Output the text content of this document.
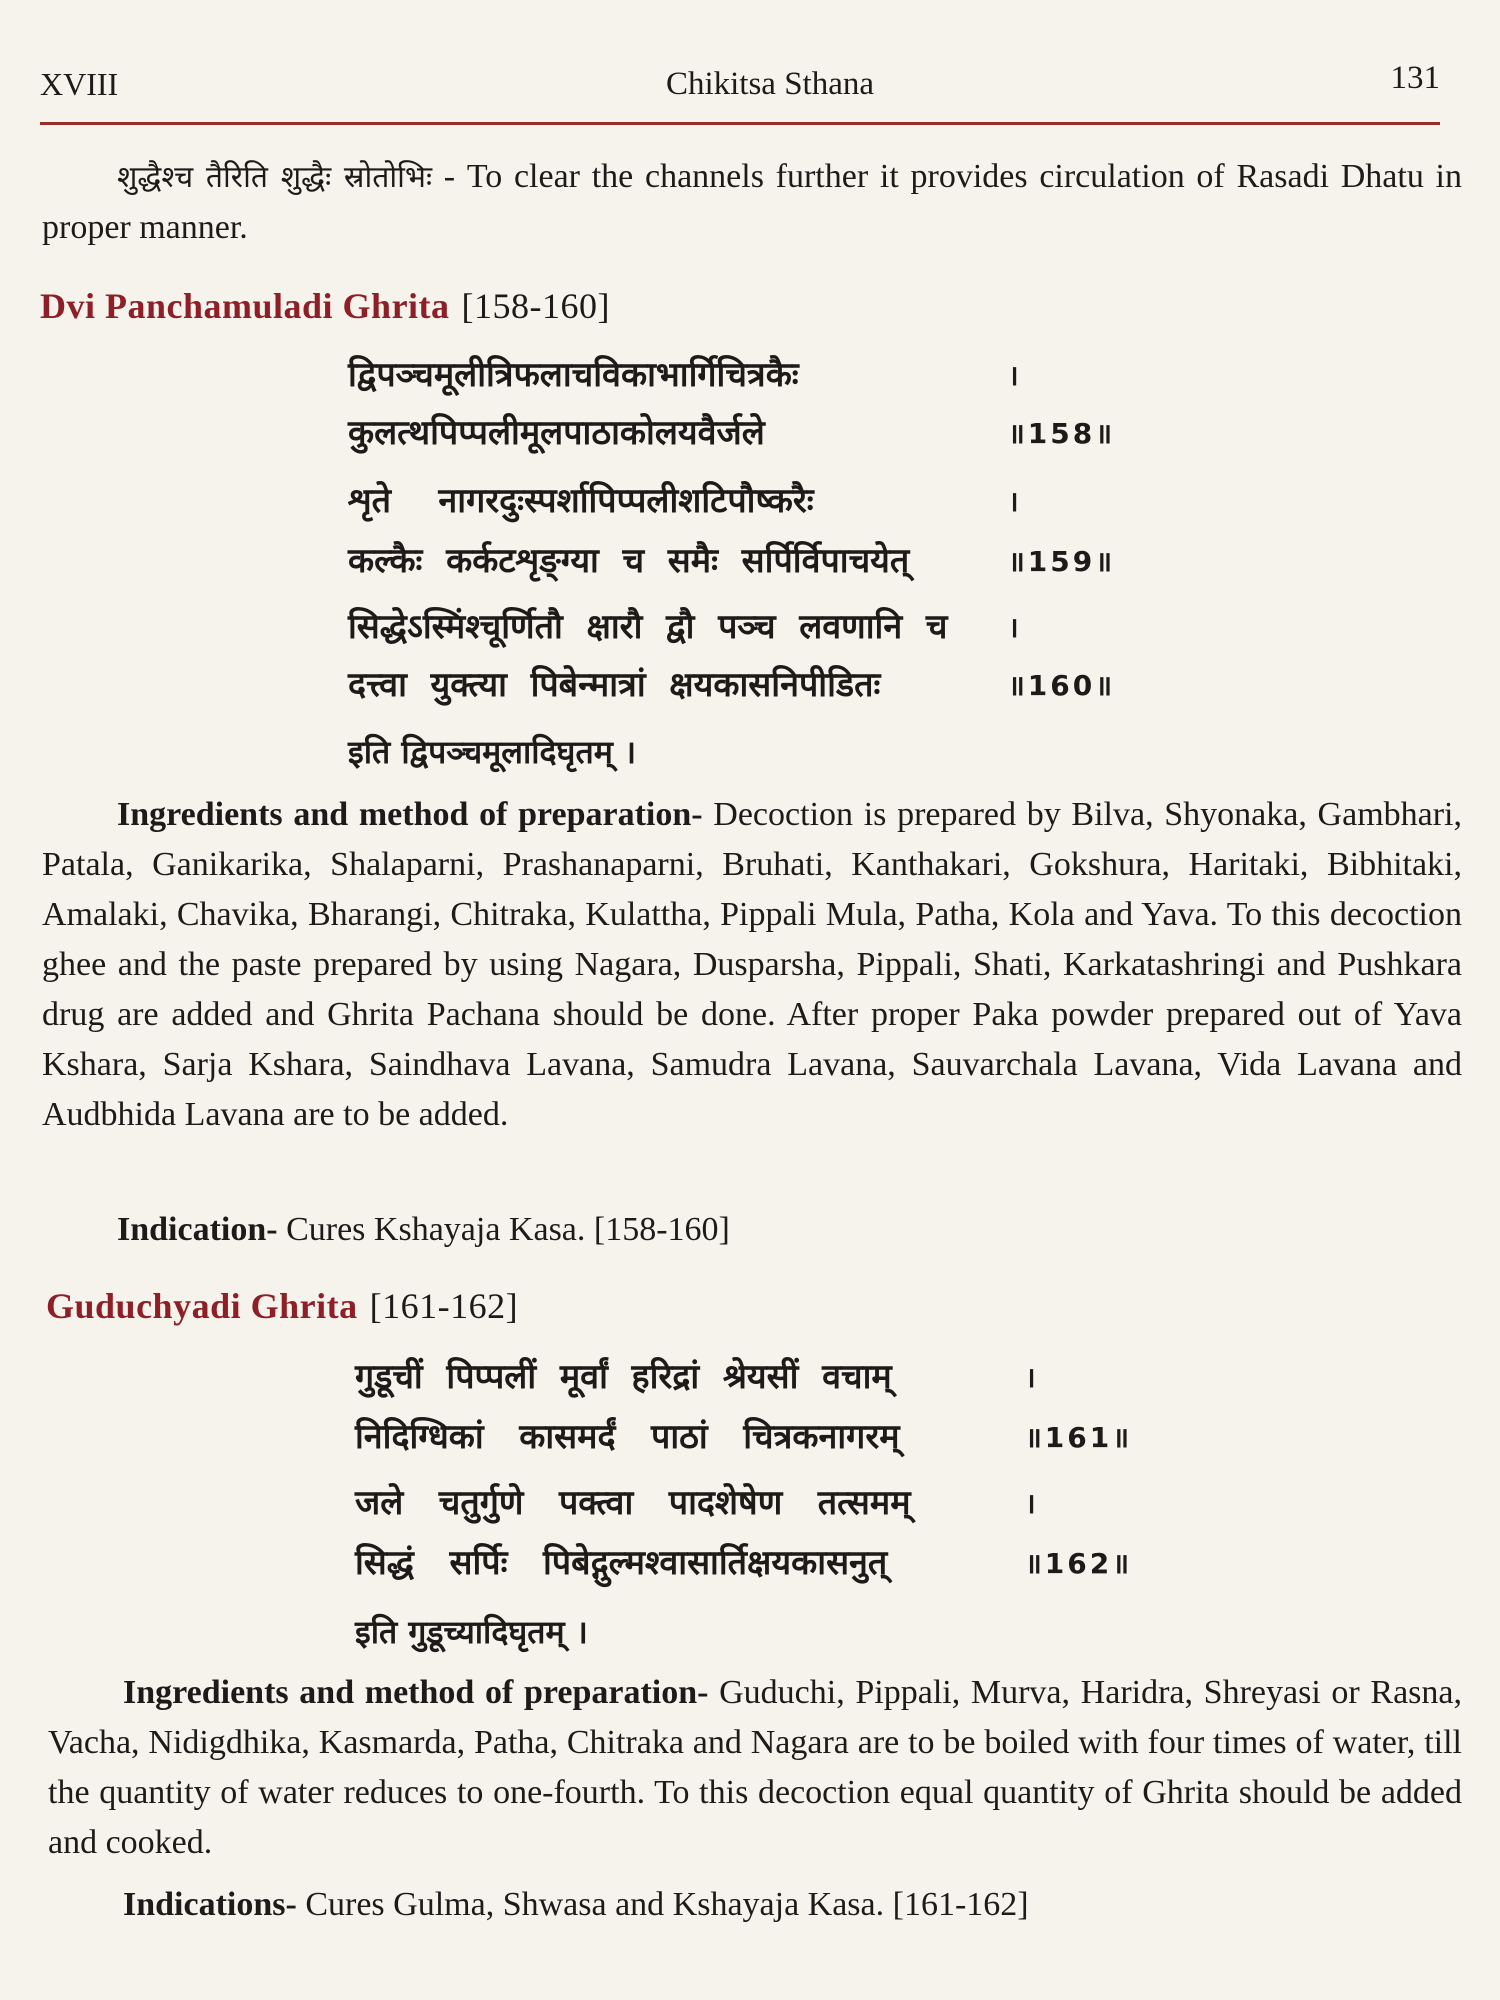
XVIII	Chikitsa Sthana	131
शुद्धैश्च तैरिति शुद्धैः स्रोतोभिः - To clear the channels further it provides circulation of Rasadi Dhatu in proper manner.
Dvi Panchamuladi Ghrita [158-160]
द्विपञ्चमूलीत्रिफलाचविकाभार्गिचित्रकैः	।
कुलत्थपिप्पलीमूलपाठाकोलयवैर्जले	॥158॥
शृते    नागरदुःस्पर्शापिप्पलीशटिपौष्करैः	।
कल्कैः  कर्कटशृङ्ग्या  च  समैः  सर्पिर्विपाचयेत्	॥159॥
सिद्धेऽस्मिंश्चूर्णितौ  क्षारौ  द्वौ  पञ्च  लवणानि  च ।
दत्त्वा  युक्त्या  पिबेन्मात्रां  क्षयकासनिपीडितः	॥160॥
इति द्विपञ्चमूलादिघृतम् ।
Ingredients and method of preparation- Decoction is prepared by Bilva, Shyonaka, Gambhari, Patala, Ganikarika, Shalaparni, Prashanaparni, Bruhati, Kanthakari, Gokshura, Haritaki, Bibhitaki, Amalaki, Chavika, Bharangi, Chitraka, Kulattha, Pippali Mula, Patha, Kola and Yava. To this decoction ghee and the paste prepared by using Nagara, Dusparsha, Pippali, Shati, Karkatashringi and Pushkara drug are added and Ghrita Pachana should be done. After proper Paka powder prepared out of Yava Kshara, Sarja Kshara, Saindhava Lavana, Samudra Lavana, Sauvarchala Lavana, Vida Lavana and Audbhida Lavana are to be added.
Indication- Cures Kshayaja Kasa. [158-160]
Guduchyadi Ghrita [161-162]
गुडूचीं  पिप्पलीं  मूर्वां  हरिद्रां  श्रेयसीं  वचाम्	।
निदिग्धिकां   कासमर्दं   पाठां   चित्रकनागरम्	॥161॥
जले   चतुर्गुणे   पक्त्वा   पादशेषेण   तत्समम्	।
सिद्धं   सर्पिः   पिबेद्गुल्मश्वासार्तिक्षयकासनुत्	॥162॥
इति गुडूच्यादिघृतम् ।
Ingredients and method of preparation- Guduchi, Pippali, Murva, Haridra, Shreyasi or Rasna, Vacha, Nidigdhika, Kasmarda, Patha, Chitraka and Nagara are to be boiled with four times of water, till the quantity of water reduces to one-fourth. To this decoction equal quantity of Ghrita should be added and cooked.
Indications- Cures Gulma, Shwasa and Kshayaja Kasa. [161-162]
